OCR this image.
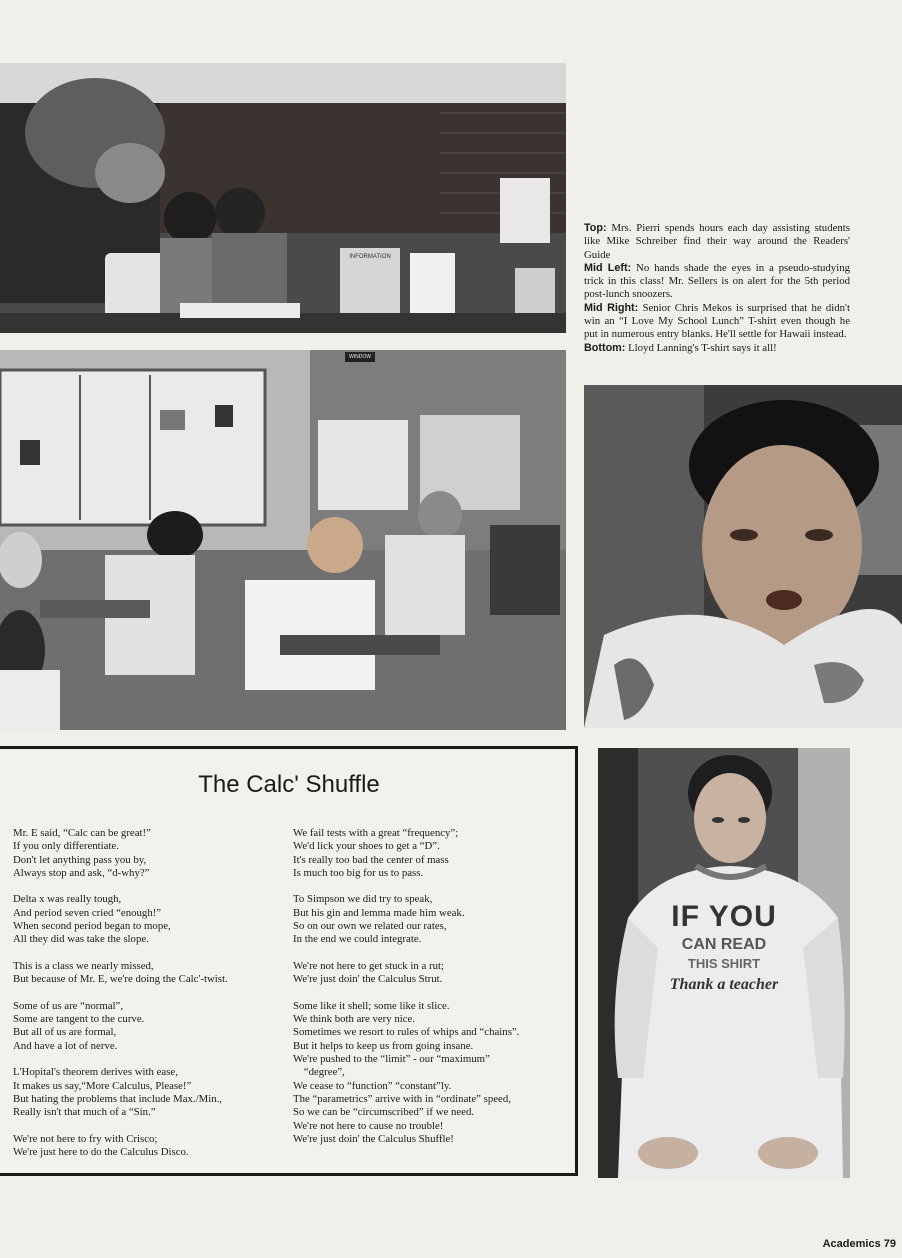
WINDOW

Top: Mrs. Pierri spends hours each day assisting students like Mike Schreiber find their way around the Readers' Guide

Mid Left: No hands shade the eyes in a pseudo-studying trick in this class! Mr. Sellers is on alert for the 5th period post-lunch snoozers.

Mid Right: Senior Chris Mekos is surprised that he didn't win an “I Love My School Lunch” T-shirt even though he put in numerous entry blanks. He'll settle for Hawaii instead.

Bottom: Lloyd Lanning's T-shirt says it all!

The Calc' Shuffle
Mr. E said, “Calc can be great!”
If you only differentiate.
Don't let anything pass you by,
Always stop and ask, “d-why?”
Delta x was really tough,
And period seven cried “enough!”
When second period began to mope,
All they did was take the slope.
This is a class we nearly missed,
But because of Mr. E, we're doing the Calc'-twist.
Some of us are “normal”,
Some are tangent to the curve.
But all of us are formal,
And have a lot of nerve.
L'Hopital's theorem derives with ease,
It makes us say,“More Calculus, Please!”
But hating the problems that include Max./Min.,
Really isn't that much of a “Sin.”
We're not here to fry with Crisco;
We're just here to do the Calculus Disco.
We fail tests with a great “frequency”;
We'd lick your shoes to get a “D”.
It's really too bad the center of mass
Is much too big for us to pass.
To Simpson we did try to speak,
But his gin and lemma made him weak.
So on our own we related our rates,
In the end we could integrate.
We're not here to get stuck in a rut;
We're just doin' the Calculus Strut.
Some like it shell; some like it slice.
We think both are very nice.
Sometimes we resort to rules of whips and “chains”.
But it helps to keep us from going insane.
We're pushed to the “limit” - our “maximum”
“degree”,
We cease to “function” “constant”ly.
The “parametrics” arrive with in “ordinate” speed,
So we can be “circumscribed” if we need.
We're not here to cause no trouble!
We're just doin' the Calculus Shuffle!
IF YOU
CAN READ
THIS SHIRT
Thank a teacher
INFORMATION
Academics 79
